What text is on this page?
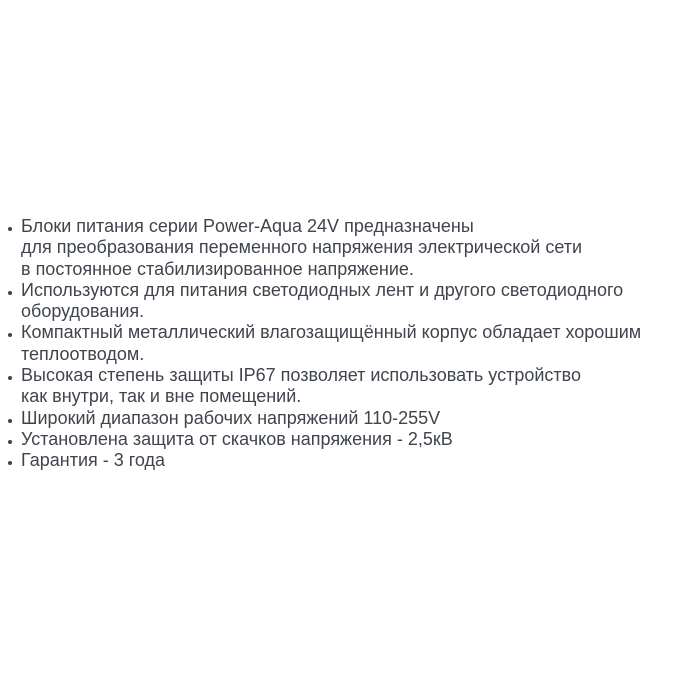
Блоки питания серии Power-Aqua 24V предназначены
для преобразования переменного напряжения электрической сети
в постоянное стабилизированное напряжение.
Используются для питания светодиодных лент и другого светодиодного
оборудования.
Компактный металлический влагозащищённый корпус обладает хорошим
теплоотводом.
Высокая степень защиты IP67 позволяет использовать устройство
как внутри, так и вне помещений.
Широкий диапазон рабочих напряжений 110-255V
Установлена защита от скачков напряжения - 2,5кВ
Гарантия - 3 года
